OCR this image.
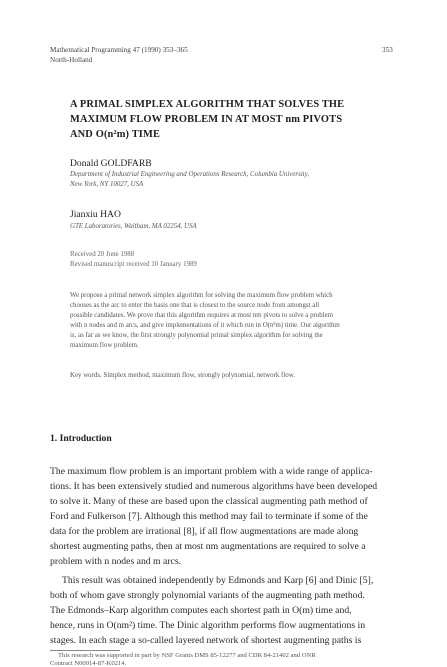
Mathematical Programming 47 (1990) 353–365
North-Holland
353
A PRIMAL SIMPLEX ALGORITHM THAT SOLVES THE
MAXIMUM FLOW PROBLEM IN AT MOST nm PIVOTS
AND O(n²m) TIME
Donald GOLDFARB
Department of Industrial Engineering and Operations Research, Columbia University,
New York, NY 10027, USA
Jianxiu HAO
GTE Laboratories, Waltham, MA 02254, USA
Received 20 June 1988
Revised manuscript received 10 January 1989
We propose a primal network simplex algorithm for solving the maximum flow problem which
chooses as the arc to enter the basis one that is closest to the source node from amongst all
possible candidates. We prove that this algorithm requires at most nm pivots to solve a problem
with n nodes and m arcs, and give implementations of it which run in O(n²m) time. Our algorithm
is, as far as we know, the first strongly polynomial primal simplex algorithm for solving the
maximum flow problem.
Key words. Simplex method, maximum flow, strongly polynomial, network flow.
1. Introduction
The maximum flow problem is an important problem with a wide range of applica-
tions. It has been extensively studied and numerous algorithms have been developed
to solve it. Many of these are based upon the classical augmenting path method of
Ford and Fulkerson [7]. Although this method may fail to terminate if some of the
data for the problem are irrational [8], if all flow augmentations are made along
shortest augmenting paths, then at most nm augmentations are required to solve a
problem with n nodes and m arcs.
This result was obtained independently by Edmonds and Karp [6] and Dinic [5],
both of whom gave strongly polynomial variants of the augmenting path method.
The Edmonds–Karp algorithm computes each shortest path in O(m) time and,
hence, runs in O(nm²) time. The Dinic algorithm performs flow augmentations in
stages. In each stage a so-called layered network of shortest augmenting paths is
This research was supported in part by NSF Grants DMS 85-12277 and CDR 84-21402 and ONR
Contract N00014-87-K0214.
